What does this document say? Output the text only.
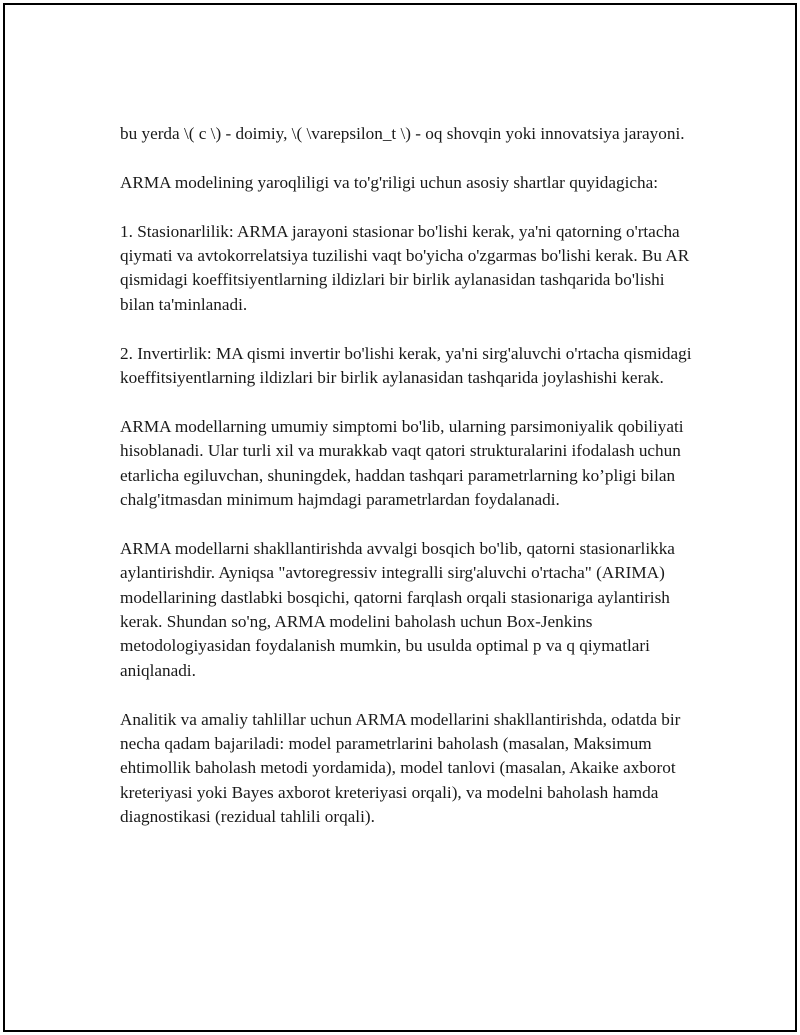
bu yerda \( c \) - doimiy, \( \varepsilon_t \) - oq shovqin yoki innovatsiya jarayoni.

ARMA modelining yaroqliligi va to'g'riligi uchun asosiy shartlar quyidagicha:

1. Stasionarlilik: ARMA jarayoni stasionar bo'lishi kerak, ya'ni qatorning o'rtacha qiymati va avtokorrelatsiya tuzilishi vaqt bo'yicha o'zgarmas bo'lishi kerak. Bu AR qismidagi koeffitsiyentlarning ildizlari bir birlik aylanasidan tashqarida bo'lishi bilan ta'minlanadi.

2. Invertirlik: MA qismi invertir bo'lishi kerak, ya'ni sirg'aluvchi o'rtacha qismidagi koeffitsiyentlarning ildizlari bir birlik aylanasidan tashqarida joylashishi kerak.

ARMA modellarning umumiy simptomi bo'lib, ularning parsimoniyalik qobiliyati hisoblanadi. Ular turli xil va murakkab vaqt qatori strukturalarini ifodalash uchun etarlicha egiluvchan, shuningdek, haddan tashqari parametrlarning ko’pligi bilan chalg'itmasdan minimum hajmdagi parametrlardan foydalanadi.

ARMA modellarni shakllantirishda avvalgi bosqich bo'lib, qatorni stasionarlikka aylantirishdir. Ayniqsa "avtoregressiv integralli sirg'aluvchi o'rtacha" (ARIMA) modellarining dastlabki bosqichi, qatorni farqlash orqali stasionariga aylantirish kerak. Shundan so'ng, ARMA modelini baholash uchun Box-Jenkins metodologiyasidan foydalanish mumkin, bu usulda optimal p va q qiymatlari aniqlanadi.

Analitik va amaliy tahlillar uchun ARMA modellarini shakllantirishda, odatda bir necha qadam bajariladi: model parametrlarini baholash (masalan, Maksimum ehtimollik baholash metodi yordamida), model tanlovi (masalan, Akaike axborot kreteriyasi yoki Bayes axborot kreteriyasi orqali), va modelni baholash hamda diagnostikasi (rezidual tahlili orqali).
